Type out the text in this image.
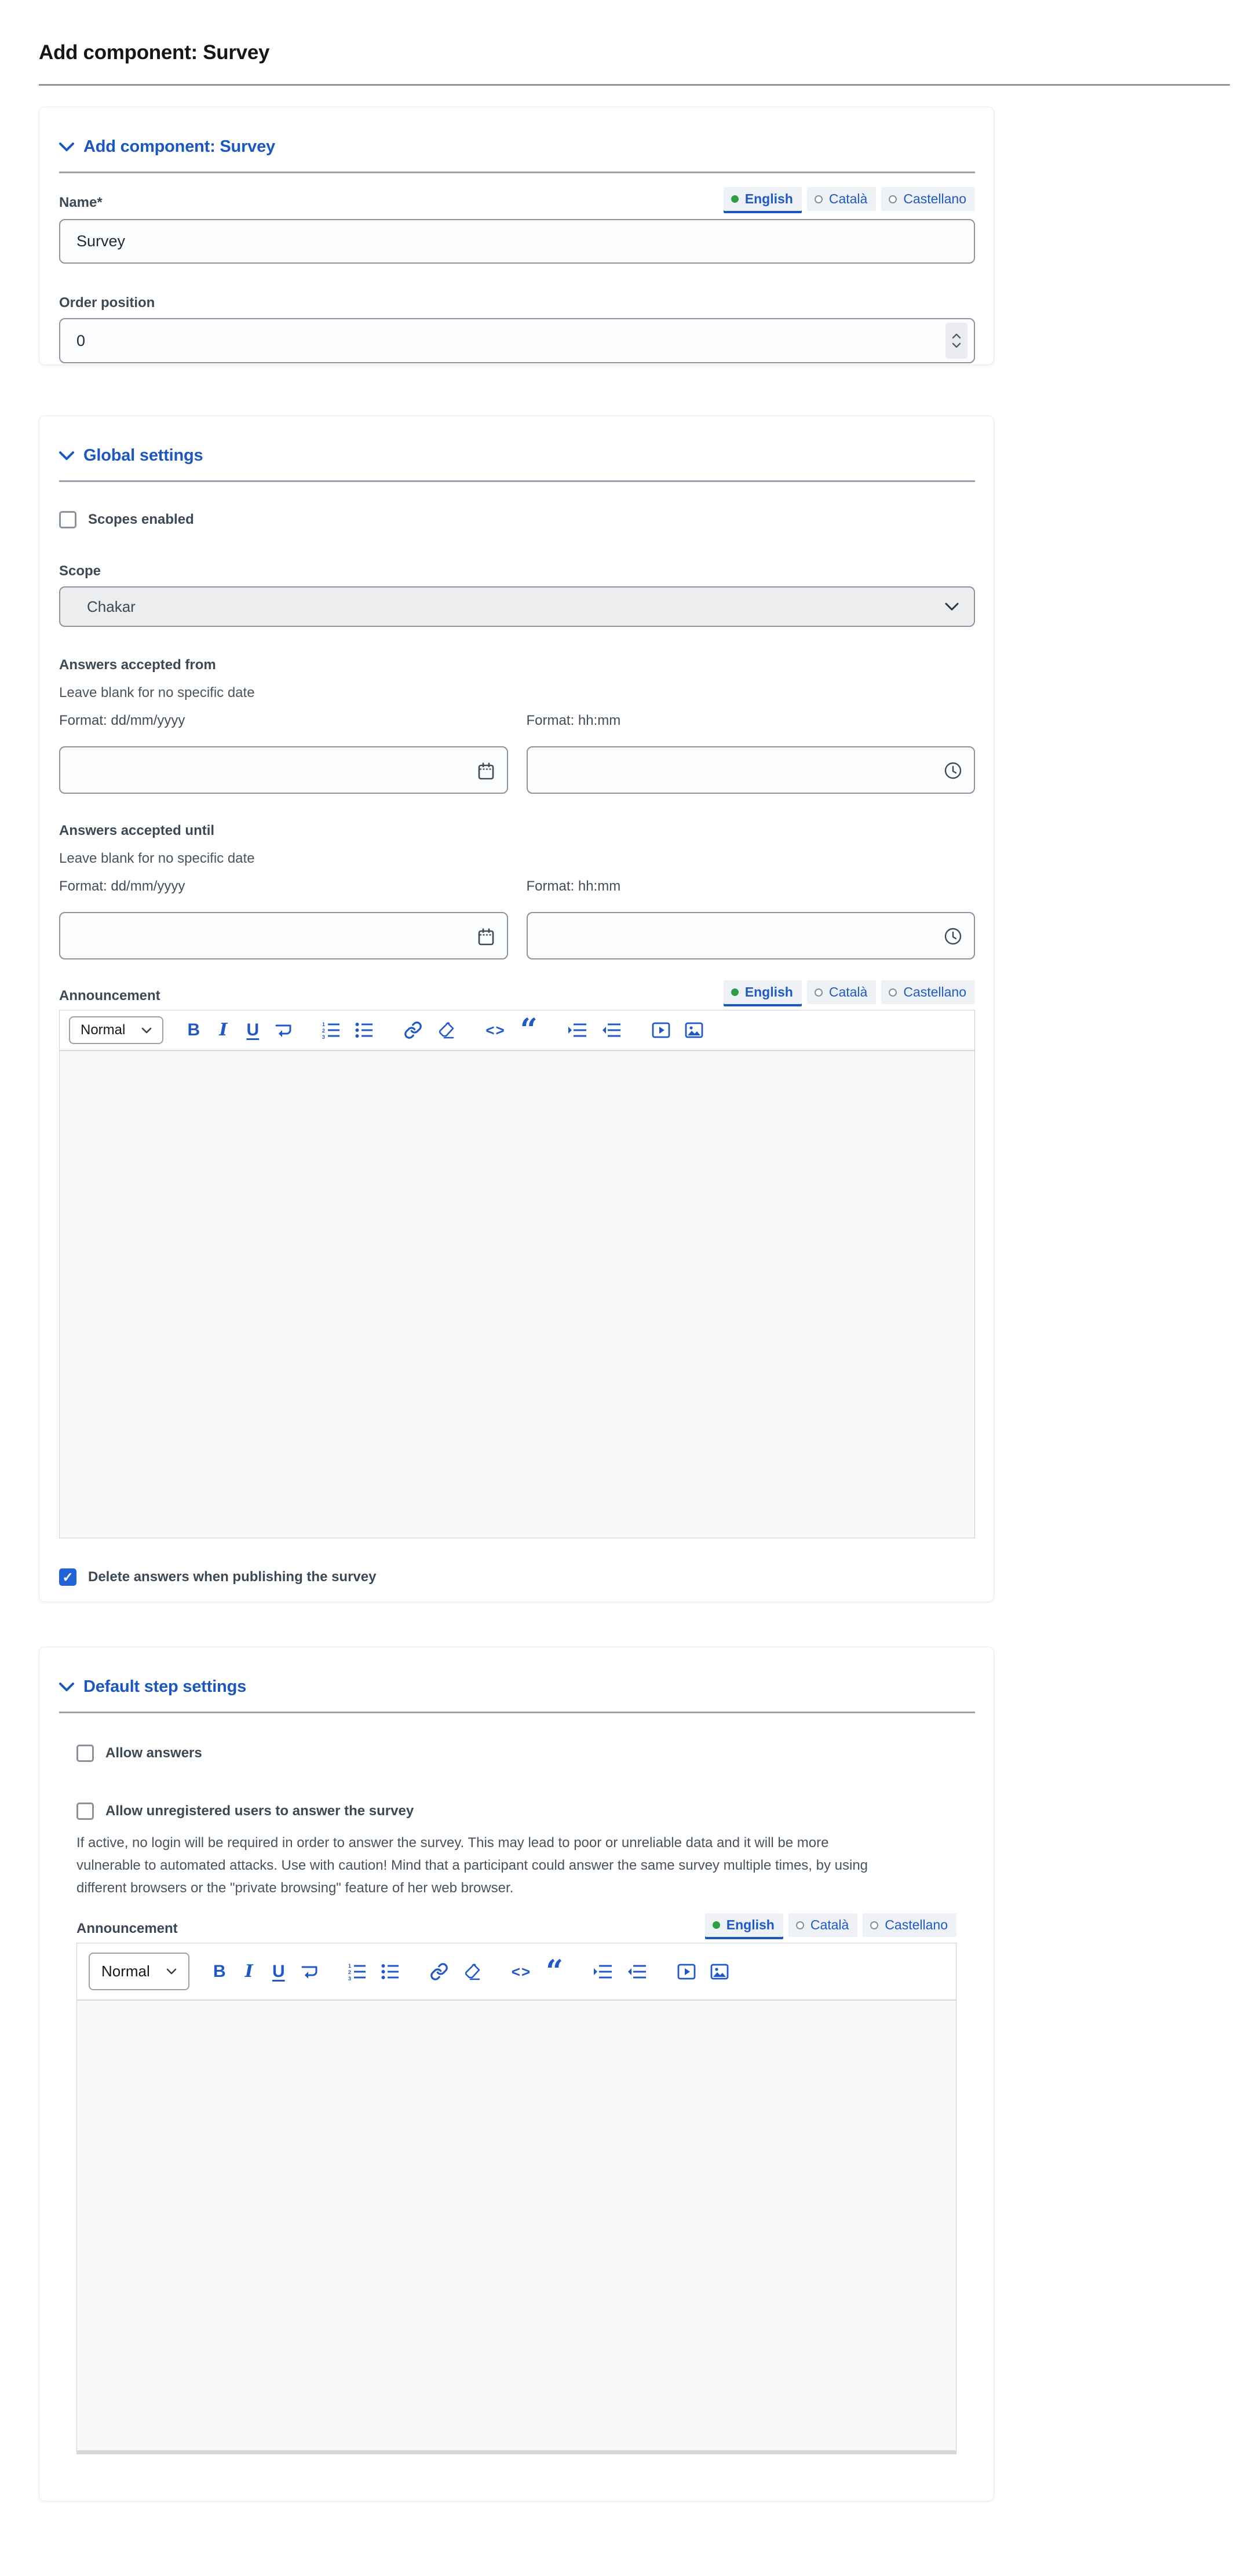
Add component: Survey
Add component: Survey
Name*	English	Català	Castellano
Survey
Order position
0
Global settings
Scopes enabled
Scope
Chakar
Answers accepted from
Leave blank for no specific date
Format: dd/mm/yyyy	Format: hh:mm
Answers accepted until
Leave blank for no specific date
Format: dd/mm/yyyy	Format: hh:mm
Announcement	English	Català	Castellano
Normal	B I U	1
2
3	<> “
✓ Delete answers when publishing the survey
Default step settings
Allow answers
Allow unregistered users to answer the survey
If active, no login will be required in order to answer the survey. This may lead to poor or unreliable data and it will be more vulnerable to automated attacks. Use with caution! Mind that a participant could answer the same survey multiple times, by using different browsers or the "private browsing" feature of her web browser.
Announcement	English	Català	Castellano
Normal	B I U	1
2
3	<> “
